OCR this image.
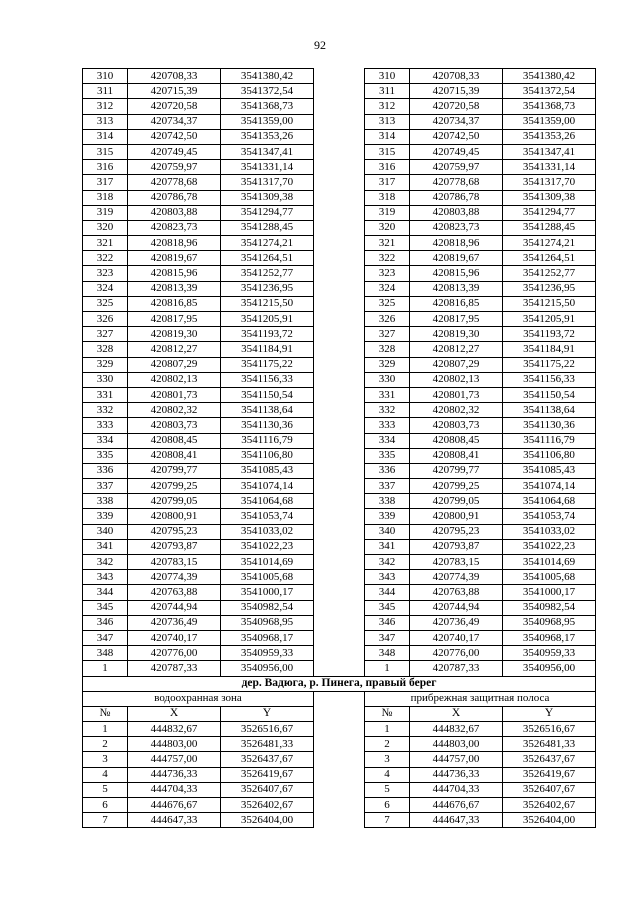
92
310	420708,33	3541380,42		310	420708,33	3541380,42
311	420715,39	3541372,54		311	420715,39	3541372,54
312	420720,58	3541368,73		312	420720,58	3541368,73
313	420734,37	3541359,00		313	420734,37	3541359,00
314	420742,50	3541353,26		314	420742,50	3541353,26
315	420749,45	3541347,41		315	420749,45	3541347,41
316	420759,97	3541331,14		316	420759,97	3541331,14
317	420778,68	3541317,70		317	420778,68	3541317,70
318	420786,78	3541309,38		318	420786,78	3541309,38
319	420803,88	3541294,77		319	420803,88	3541294,77
320	420823,73	3541288,45		320	420823,73	3541288,45
321	420818,96	3541274,21		321	420818,96	3541274,21
322	420819,67	3541264,51		322	420819,67	3541264,51
323	420815,96	3541252,77		323	420815,96	3541252,77
324	420813,39	3541236,95		324	420813,39	3541236,95
325	420816,85	3541215,50		325	420816,85	3541215,50
326	420817,95	3541205,91		326	420817,95	3541205,91
327	420819,30	3541193,72		327	420819,30	3541193,72
328	420812,27	3541184,91		328	420812,27	3541184,91
329	420807,29	3541175,22		329	420807,29	3541175,22
330	420802,13	3541156,33		330	420802,13	3541156,33
331	420801,73	3541150,54		331	420801,73	3541150,54
332	420802,32	3541138,64		332	420802,32	3541138,64
333	420803,73	3541130,36		333	420803,73	3541130,36
334	420808,45	3541116,79		334	420808,45	3541116,79
335	420808,41	3541106,80		335	420808,41	3541106,80
336	420799,77	3541085,43		336	420799,77	3541085,43
337	420799,25	3541074,14		337	420799,25	3541074,14
338	420799,05	3541064,68		338	420799,05	3541064,68
339	420800,91	3541053,74		339	420800,91	3541053,74
340	420795,23	3541033,02		340	420795,23	3541033,02
341	420793,87	3541022,23		341	420793,87	3541022,23
342	420783,15	3541014,69		342	420783,15	3541014,69
343	420774,39	3541005,68		343	420774,39	3541005,68
344	420763,88	3541000,17		344	420763,88	3541000,17
345	420744,94	3540982,54		345	420744,94	3540982,54
346	420736,49	3540968,95		346	420736,49	3540968,95
347	420740,17	3540968,17		347	420740,17	3540968,17
348	420776,00	3540959,33		348	420776,00	3540959,33
1	420787,33	3540956,00		1	420787,33	3540956,00
дер. Вадюга, р. Пинега, правый берег						
водоохранная зона				прибрежная защитная полоса		
№	X	Y		№	X	Y
1	444832,67	3526516,67		1	444832,67	3526516,67
2	444803,00	3526481,33		2	444803,00	3526481,33
3	444757,00	3526437,67		3	444757,00	3526437,67
4	444736,33	3526419,67		4	444736,33	3526419,67
5	444704,33	3526407,67		5	444704,33	3526407,67
6	444676,67	3526402,67		6	444676,67	3526402,67
7	444647,33	3526404,00		7	444647,33	3526404,00
